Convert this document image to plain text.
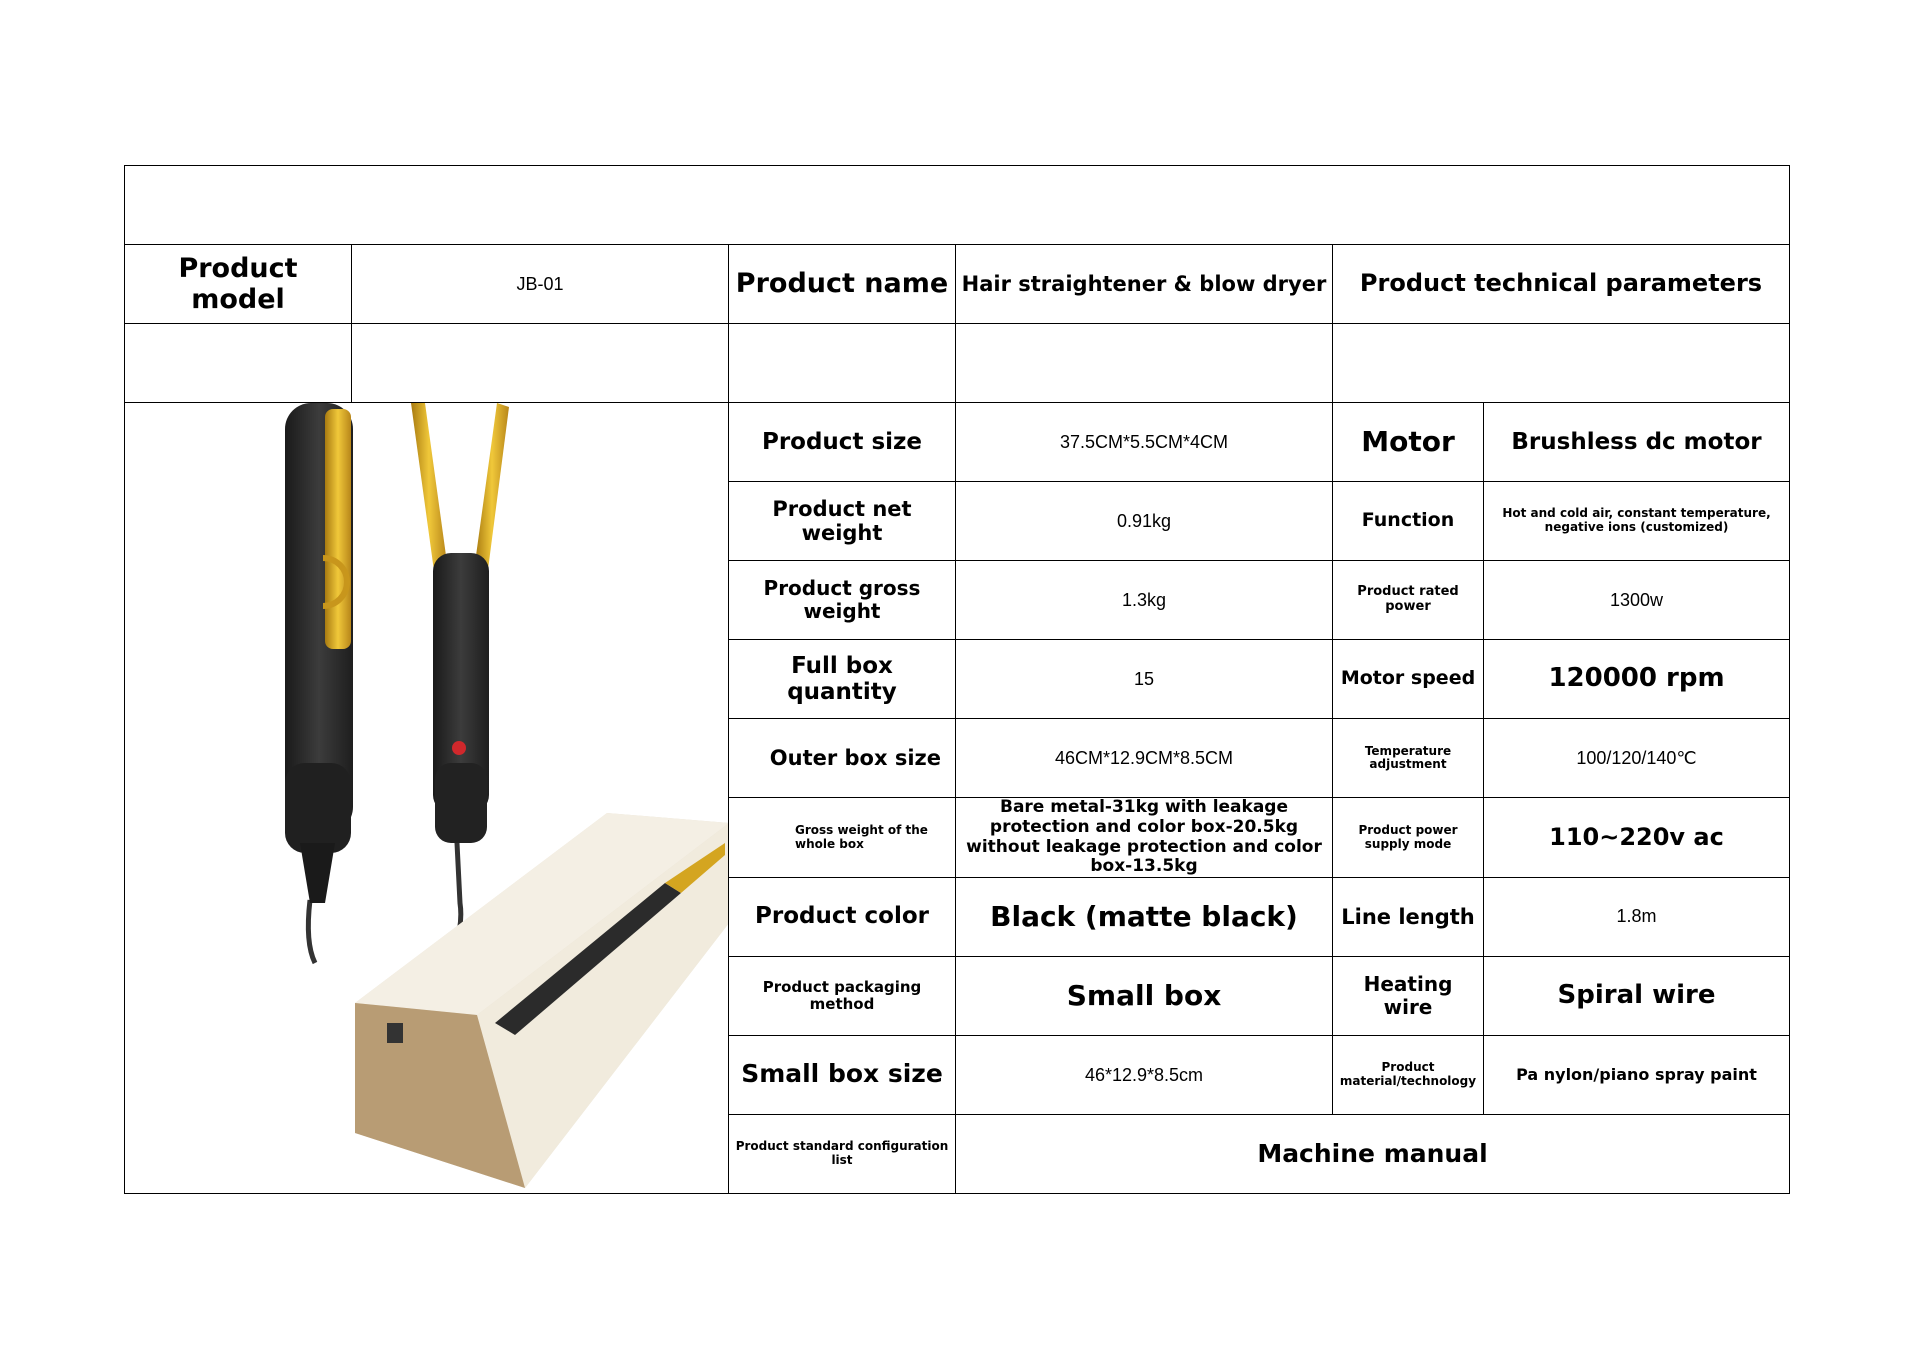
Product model	JB-01	Product name	Hair straightener & blow dryer	Product technical parameters	

	Product size	37.5CM*5.5CM*4CM	Motor	Brushless dc motor
		Product net weight	0.91kg	Function	Hot and cold air, constant temperature, negative ions (customized)
		Product gross weight	1.3kg	Product rated power	1300w
		Full box quantity	15	Motor speed	120000 rpm
		Outer box size	46CM*12.9CM*8.5CM	Temperature adjustment	100/120/140℃
		Gross weight of the whole box	Bare metal-31kg with leakage protection and color box-20.5kg without leakage protection and color box-13.5kg	Product power supply mode	110~220v ac
		Product color	Black (matte black)	Line length	1.8m
		Product packaging method	Small box	Heating wire	Spiral wire
		Small box size	46*12.9*8.5cm	Product material/technology	Pa nylon/piano spray paint
		Product standard configuration list	Machine manual		
